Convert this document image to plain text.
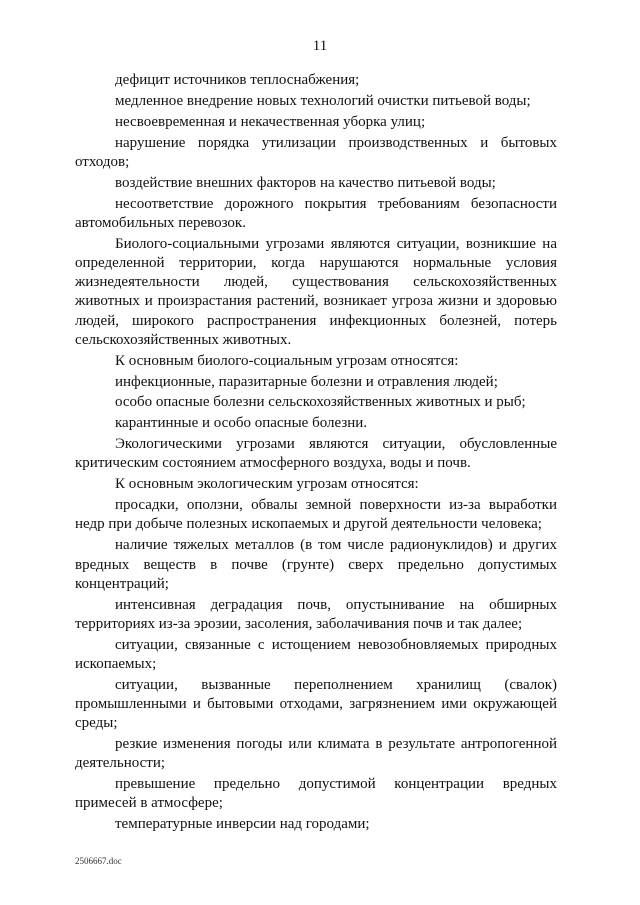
11

дефицит источников теплоснабжения;

медленное внедрение новых технологий очистки питьевой воды;

несвоевременная и некачественная уборка улиц;

нарушение порядка утилизации производственных и бытовых отходов;

воздействие внешних факторов на качество питьевой воды;

несоответствие дорожного покрытия требованиям безопасности автомобильных перевозок.

Биолого-социальными угрозами являются ситуации, возникшие на определенной территории, когда нарушаются нормальные условия жизнедеятельности людей, существования сельскохозяйственных животных и произрастания растений, возникает угроза жизни и здоровью людей, широкого распространения инфекционных болезней, потерь сельскохозяйственных животных.

К основным биолого-социальным угрозам относятся:

инфекционные, паразитарные болезни и отравления людей;

особо опасные болезни сельскохозяйственных животных и рыб;

карантинные и особо опасные болезни.

Экологическими угрозами являются ситуации, обусловленные критическим состоянием атмосферного воздуха, воды и почв.

К основным экологическим угрозам относятся:

просадки, оползни, обвалы земной поверхности из-за выработки недр при добыче полезных ископаемых и другой деятельности человека;

наличие тяжелых металлов (в том числе радионуклидов) и других вредных веществ в почве (грунте) сверх предельно допустимых концентраций;

интенсивная деградация почв, опустынивание на обширных территориях из-за эрозии, засоления, заболачивания почв и так далее;

ситуации, связанные с истощением невозобновляемых природных ископаемых;

ситуации, вызванные переполнением хранилищ (свалок) промышленными и бытовыми отходами, загрязнением ими окружающей среды;

резкие изменения погоды или климата в результате антропогенной деятельности;

превышение предельно допустимой концентрации вредных примесей в атмосфере;

температурные инверсии над городами;

2506667.doc
